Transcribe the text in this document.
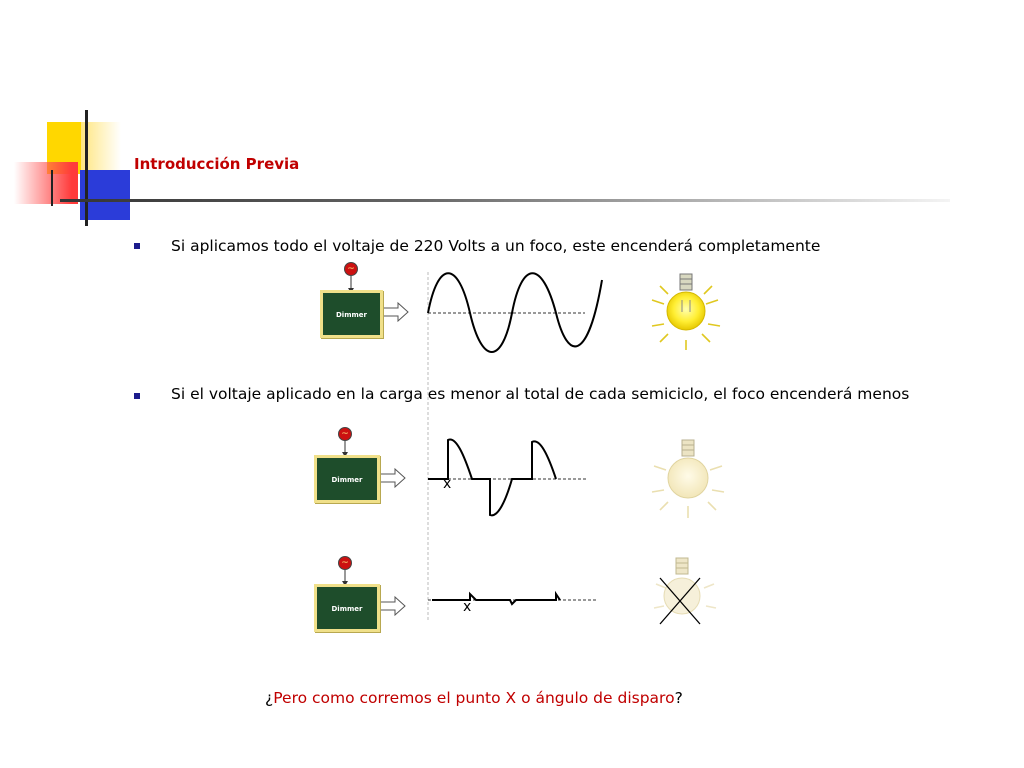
Introducción Previa
Si aplicamos todo el voltaje de 220 Volts a un foco, este encenderá completamente
Si el voltaje aplicado en la carga es menor al total de cada semiciclo, el foco encenderá menos
~
Dimmer
~
Dimmer
~
Dimmer
x
x
¿Pero como corremos el punto X o ángulo de disparo?
